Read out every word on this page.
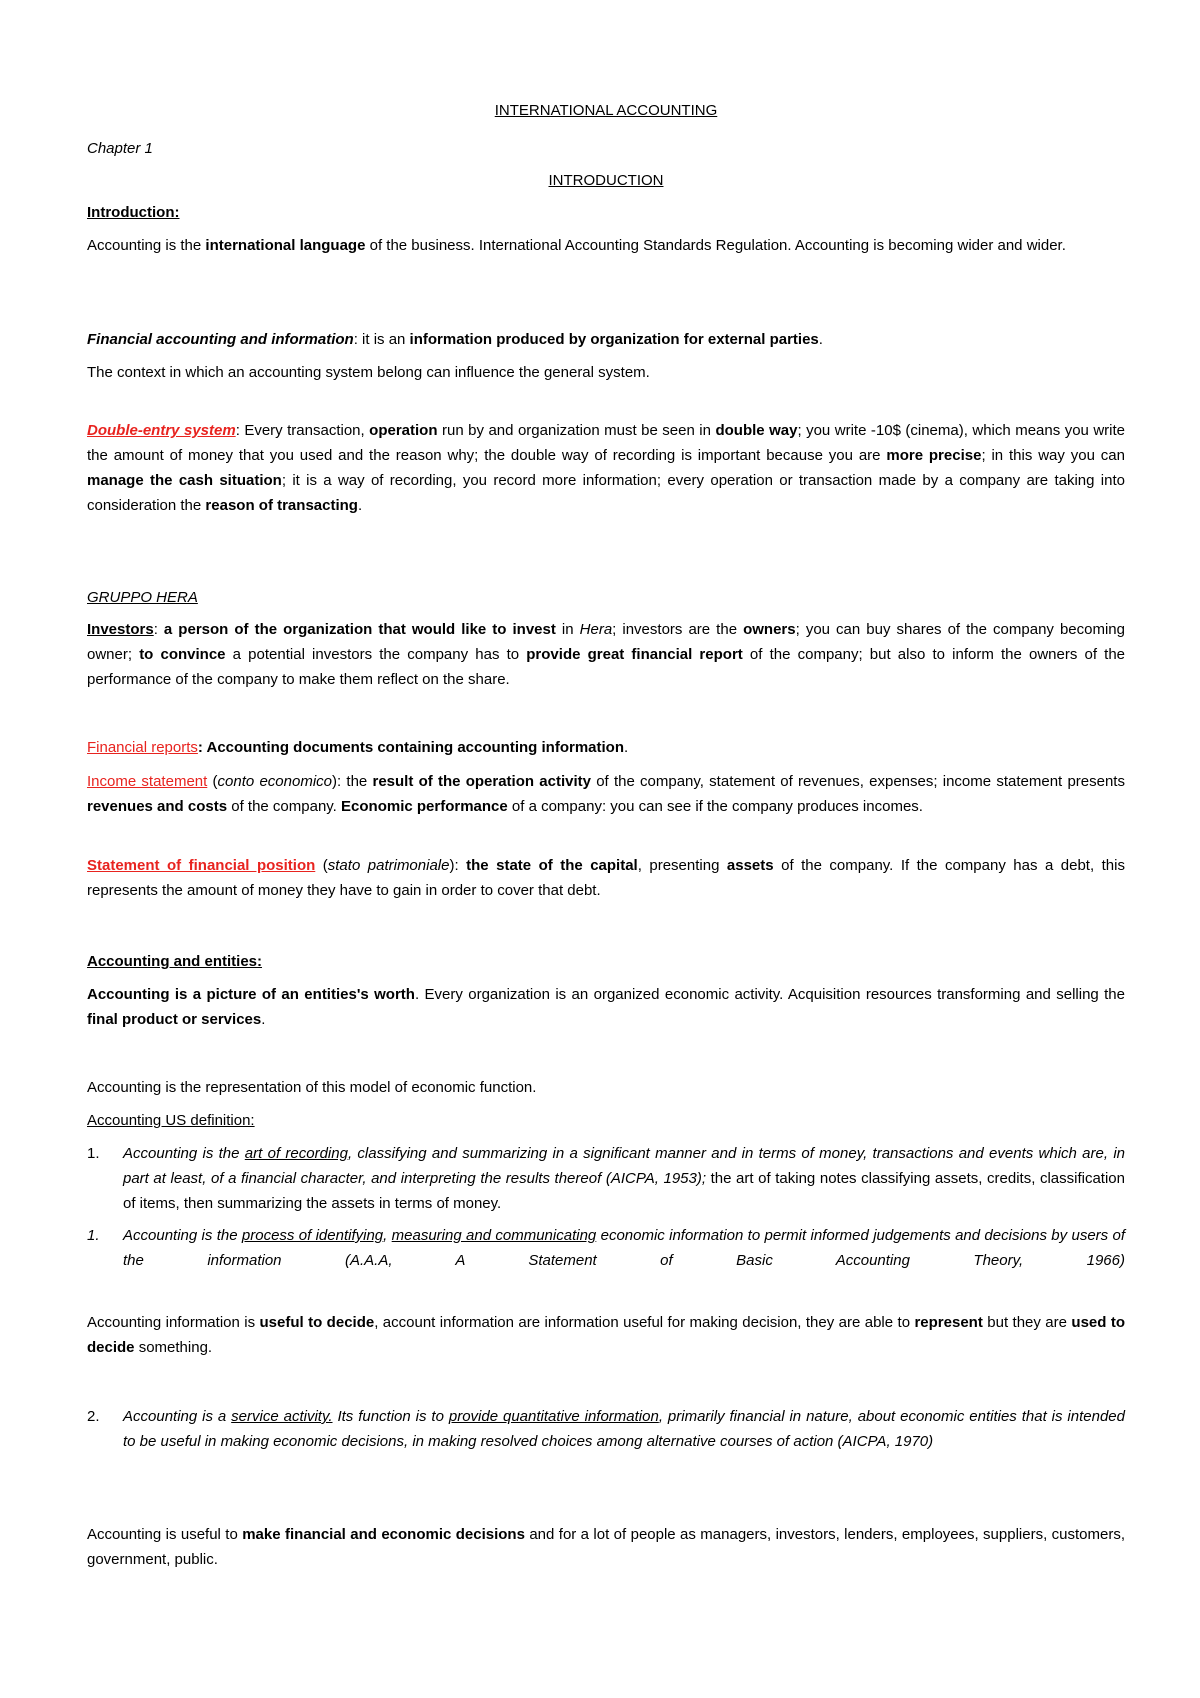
INTERNATIONAL ACCOUNTING

Chapter 1

INTRODUCTION

Introduction:

Accounting is the international language of the business. International Accounting Standards Regulation. Accounting is becoming wider and wider.

Financial accounting and information: it is an information produced by organization for external parties.

The context in which an accounting system belong can influence the general system.

Double-entry system: Every transaction, operation run by and organization must be seen in double way; you write -10$ (cinema), which means you write the amount of money that you used and the reason why; the double way of recording is important because you are more precise; in this way you can manage the cash situation; it is a way of recording, you record more information; every operation or transaction made by a company are taking into consideration the reason of transacting.

GRUPPO HERA

Investors: a person of the organization that would like to invest in Hera; investors are the owners; you can buy shares of the company becoming owner; to convince a potential investors the company has to provide great financial report of the company; but also to inform the owners of the performance of the company to make them reflect on the share.

Financial reports: Accounting documents containing accounting information.

Income statement (conto economico): the result of the operation activity of the company, statement of revenues, expenses; income statement presents revenues and costs of the company. Economic performance of a company: you can see if the company produces incomes.

Statement of financial position (stato patrimoniale): the state of the capital, presenting assets of the company. If the company has a debt, this represents the amount of money they have to gain in order to cover that debt.

Accounting and entities:

Accounting is a picture of an entities's worth. Every organization is an organized economic activity. Acquisition resources transforming and selling the final product or services.

Accounting is the representation of this model of economic function.

Accounting US definition:

1. Accounting is the art of recording, classifying and summarizing in a significant manner and in terms of money, transactions and events which are, in part at least, of a financial character, and interpreting the results thereof (AICPA, 1953); the art of taking notes classifying assets, credits, classification of items, then summarizing the assets in terms of money.

1. Accounting is the process of identifying, measuring and communicating economic information to permit informed judgements and decisions by users of the information (A.A.A, A Statement of Basic Accounting Theory, 1966)

Accounting information is useful to decide, account information are information useful for making decision, they are able to represent but they are used to decide something.

2. Accounting is a service activity. Its function is to provide quantitative information, primarily financial in nature, about economic entities that is intended to be useful in making economic decisions, in making resolved choices among alternative courses of action (AICPA, 1970)

Accounting is useful to make financial and economic decisions and for a lot of people as managers, investors, lenders, employees, suppliers, customers, government, public.
